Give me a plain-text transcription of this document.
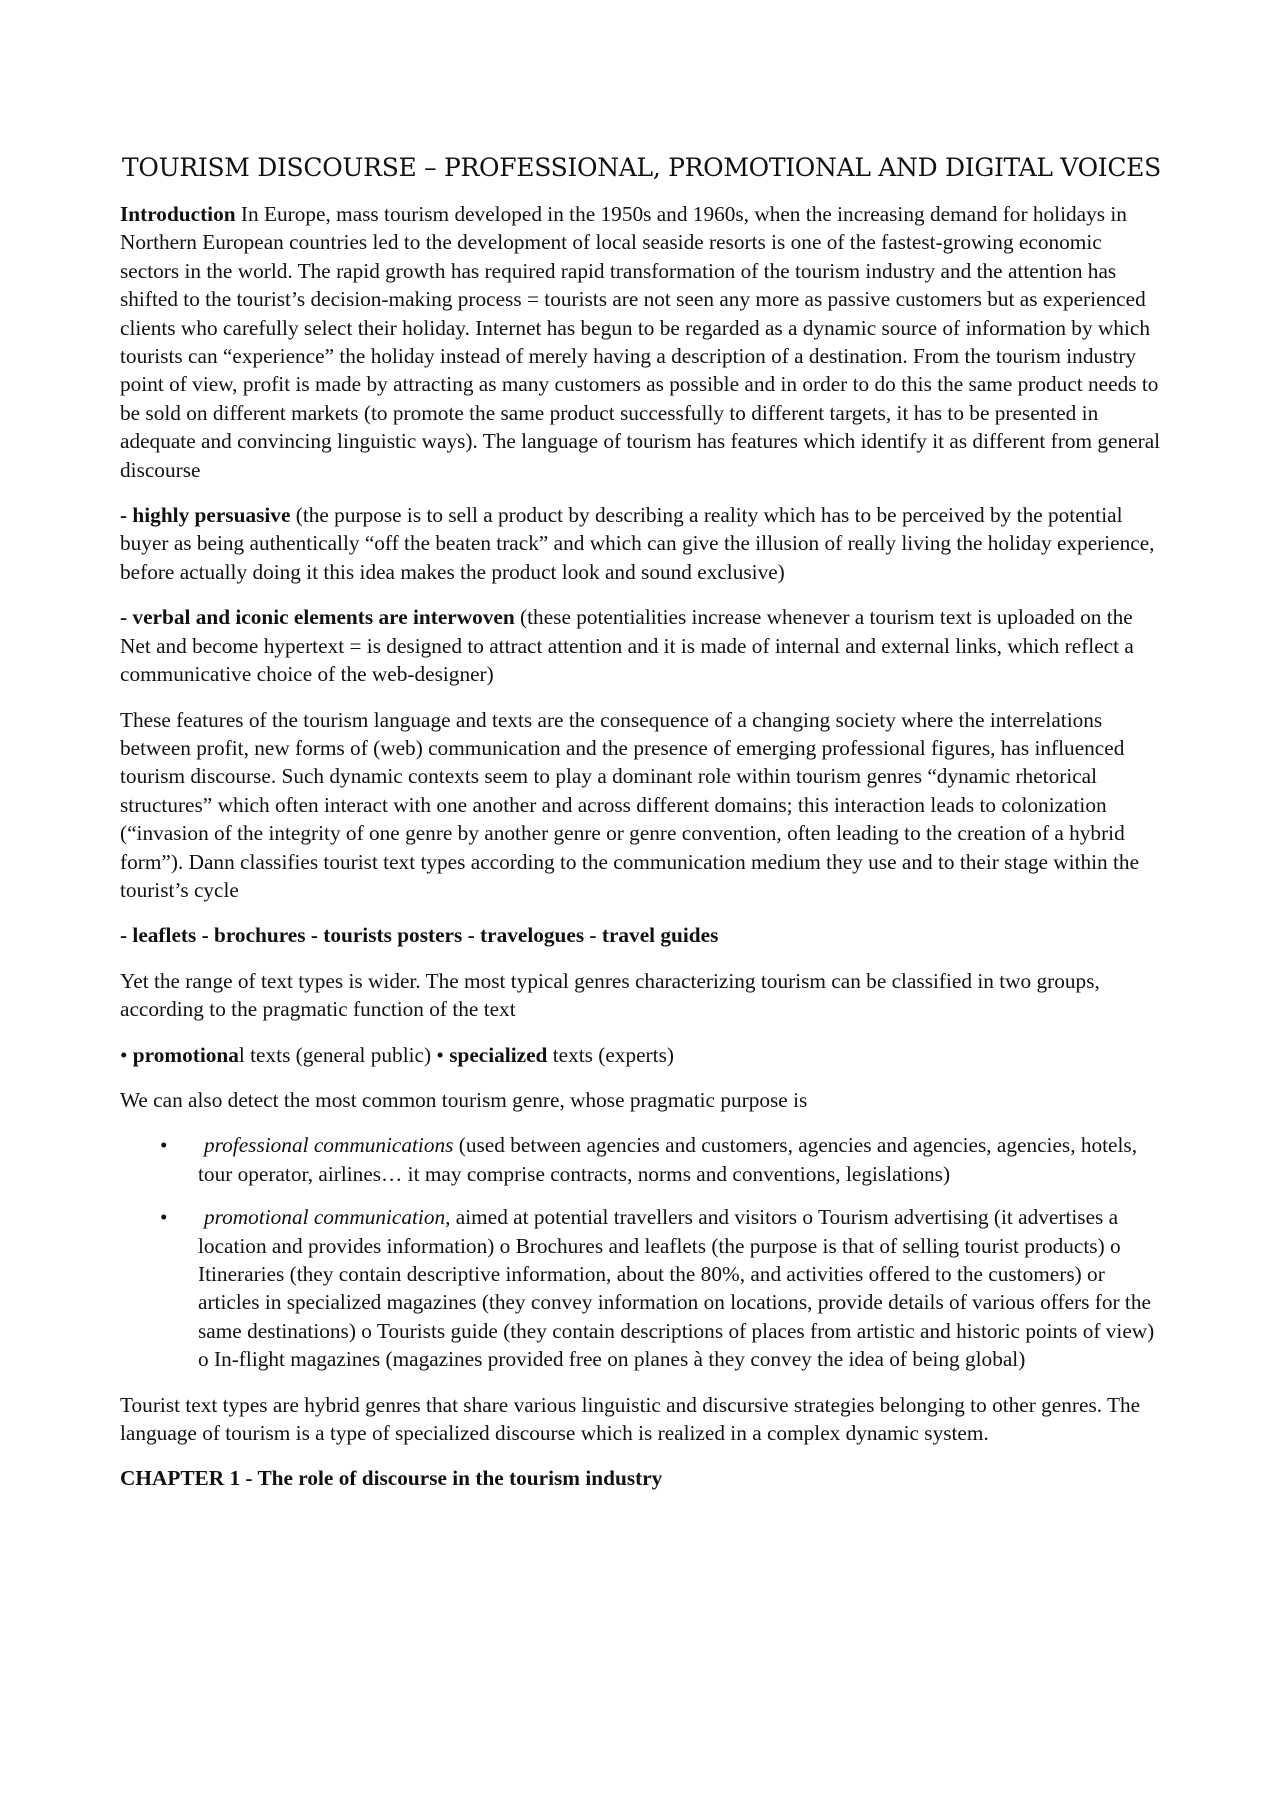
TOURISM DISCOURSE – PROFESSIONAL, PROMOTIONAL AND DIGITAL VOICES

Introduction In Europe, mass tourism developed in the 1950s and 1960s, when the increasing demand for holidays in Northern European countries led to the development of local seaside resorts is one of the fastest-growing economic sectors in the world. The rapid growth has required rapid transformation of the tourism industry and the attention has shifted to the tourist’s decision-making process = tourists are not seen any more as passive customers but as experienced clients who carefully select their holiday. Internet has begun to be regarded as a dynamic source of information by which tourists can “experience” the holiday instead of merely having a description of a destination. From the tourism industry point of view, profit is made by attracting as many customers as possible and in order to do this the same product needs to be sold on different markets (to promote the same product successfully to different targets, it has to be presented in adequate and convincing linguistic ways). The language of tourism has features which identify it as different from general discourse

- highly persuasive (the purpose is to sell a product by describing a reality which has to be perceived by the potential buyer as being authentically “off the beaten track” and which can give the illusion of really living the holiday experience, before actually doing it this idea makes the product look and sound exclusive)

- verbal and iconic elements are interwoven (these potentialities increase whenever a tourism text is uploaded on the Net and become hypertext = is designed to attract attention and it is made of internal and external links, which reflect a communicative choice of the web-designer)

These features of the tourism language and texts are the consequence of a changing society where the interrelations between profit, new forms of (web) communication and the presence of emerging professional figures, has influenced tourism discourse. Such dynamic contexts seem to play a dominant role within tourism genres “dynamic rhetorical structures” which often interact with one another and across different domains; this interaction leads to colonization (“invasion of the integrity of one genre by another genre or genre convention, often leading to the creation of a hybrid form”). Dann classifies tourist text types according to the communication medium they use and to their stage within the tourist’s cycle

- leaflets - brochures - tourists posters - travelogues - travel guides

Yet the range of text types is wider. The most typical genres characterizing tourism can be classified in two groups, according to the pragmatic function of the text

• promotional texts (general public) • specialized texts (experts)

We can also detect the most common tourism genre, whose pragmatic purpose is

• professional communications (used between agencies and customers, agencies and agencies, agencies, hotels, tour operator, airlines… it may comprise contracts, norms and conventions, legislations)
• promotional communication, aimed at potential travellers and visitors o Tourism advertising (it advertises a location and provides information) o Brochures and leaflets (the purpose is that of selling tourist products) o Itineraries (they contain descriptive information, about the 80%, and activities offered to the customers) or articles in specialized magazines (they convey information on locations, provide details of various offers for the same destinations) o Tourists guide (they contain descriptions of places from artistic and historic points of view) o In-flight magazines (magazines provided free on planes à they convey the idea of being global)

Tourist text types are hybrid genres that share various linguistic and discursive strategies belonging to other genres. The language of tourism is a type of specialized discourse which is realized in a complex dynamic system.

CHAPTER 1 - The role of discourse in the tourism industry
